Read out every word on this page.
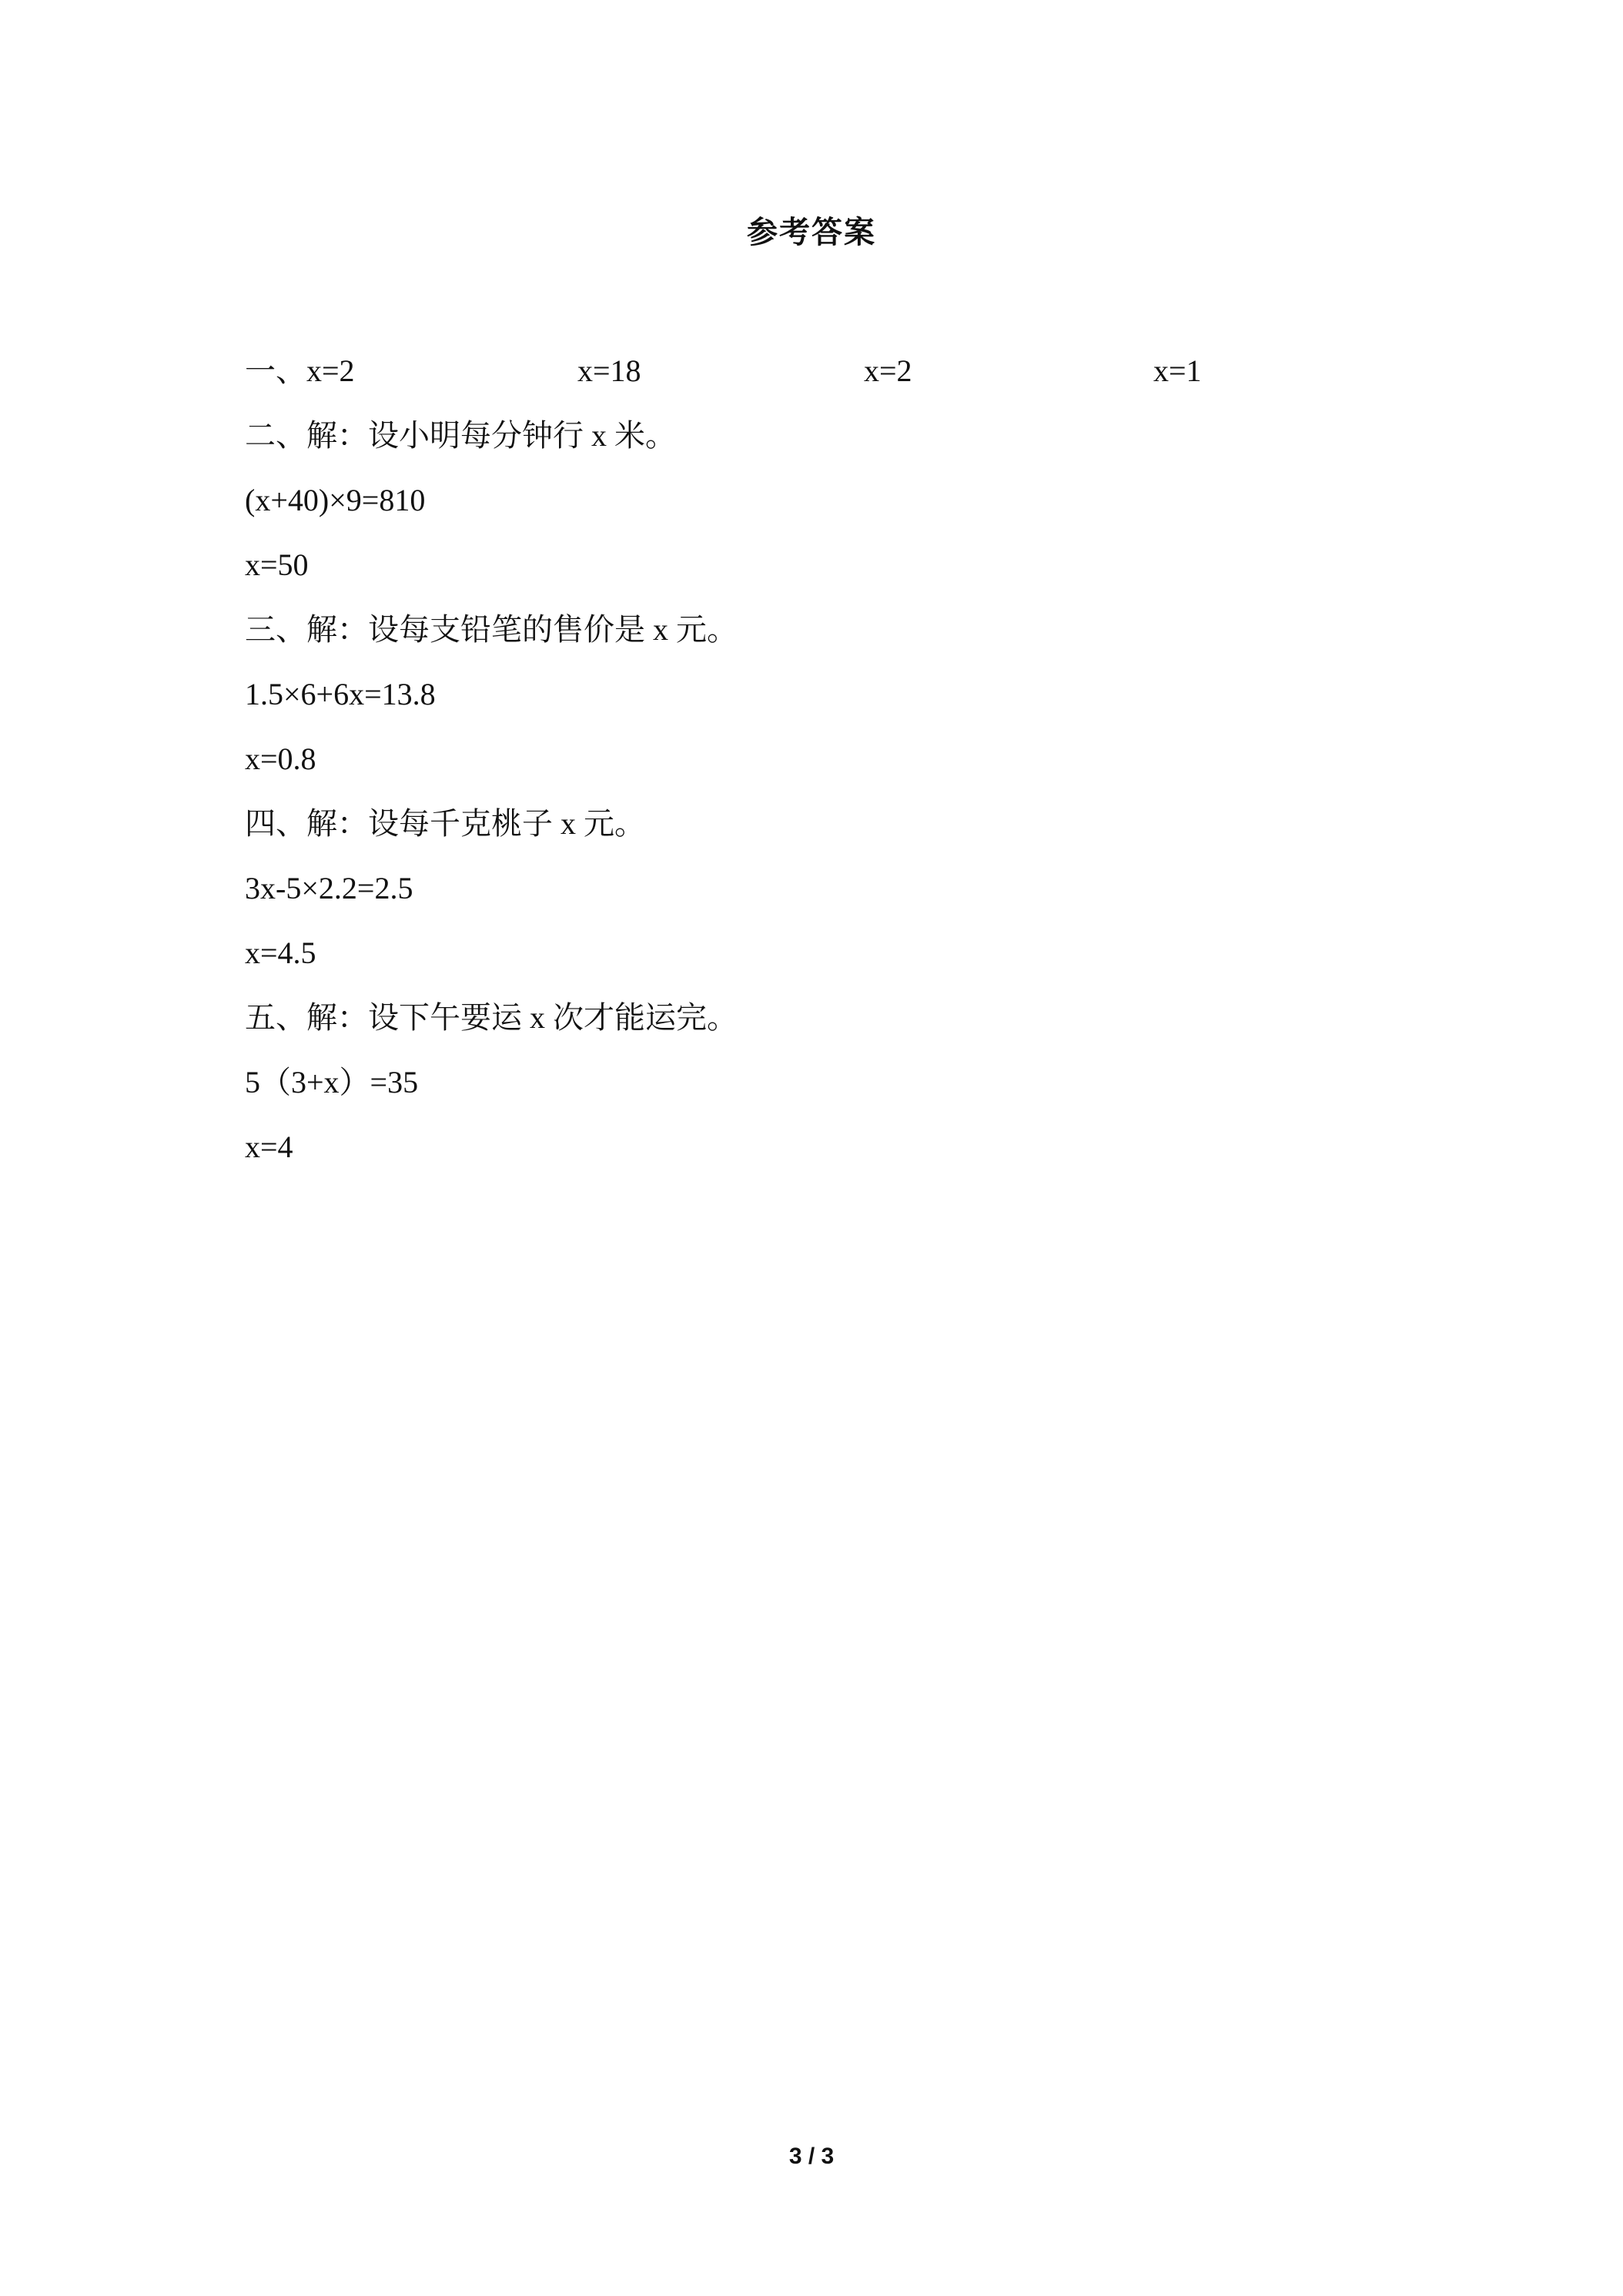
参考答案
一、x=2	x=18	x=2	x=1
二、解：设小明每分钟行 x 米。
(x+40)×9=810
x=50
三、解：设每支铅笔的售价是 x 元。
1.5×6+6x=13.8
x=0.8
四、解：设每千克桃子 x 元。
3x-5×2.2=2.5
x=4.5
五、解：设下午要运 x 次才能运完。
5（3+x）=35
x=4
3 / 3
